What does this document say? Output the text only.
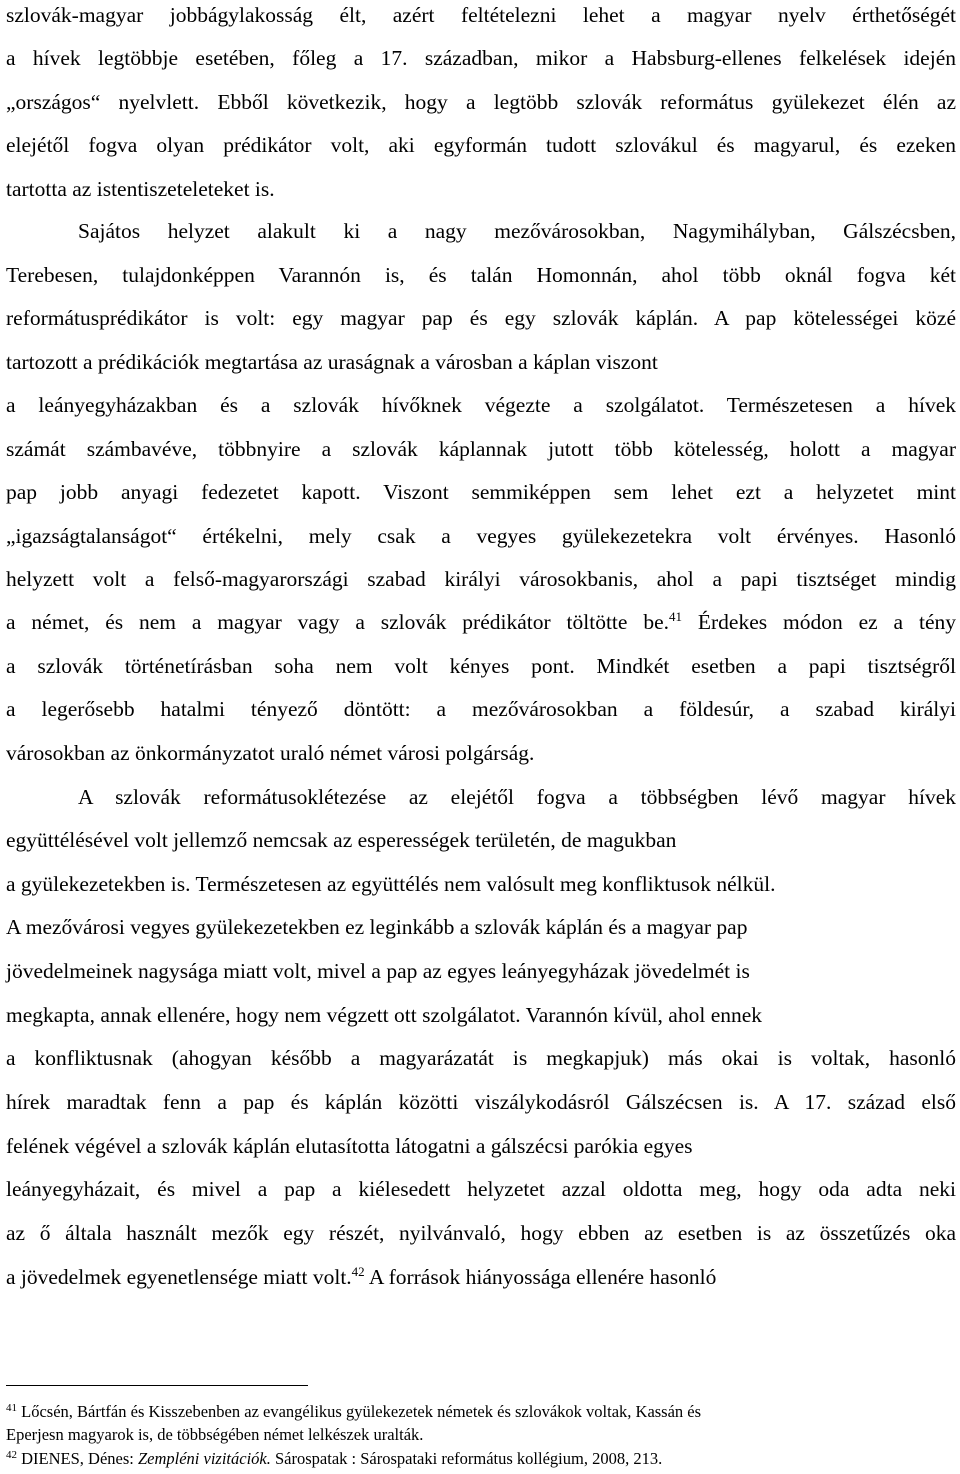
szlovák-magyar jobbágylakosság élt, azért feltételezni lehet a magyar nyelv érthetőségét
a hívek legtöbbje esetében, főleg a 17. században, mikor a Habsburg-ellenes felkelések idején
„országos“ nyelvlett. Ebből következik, hogy a legtöbb szlovák református gyülekezet élén az
elejétől fogva olyan prédikátor volt, aki egyformán tudott szlovákul és magyarul, és ezeken
tartotta az istentiszeteleteket is.
Sajátos helyzet alakult ki a nagy mezővárosokban, Nagymihályban, Gálszécsben,
Terebesen, tulajdonképpen Varannón is, és talán Homonnán, ahol több oknál fogva két
reformátusprédikátor is volt: egy magyar pap és egy szlovák káplán. A pap kötelességei közé
tartozott a prédikációk megtartása az uraságnak a városban a káplan viszont
a leányegyházakban és a szlovák hívőknek végezte a szolgálatot. Természetesen a hívek
számát számbavéve, többnyire a szlovák káplannak jutott több kötelesség, holott a magyar
pap jobb anyagi fedezetet kapott. Viszont semmiképpen sem lehet ezt a helyzetet mint
„igazságtalanságot“ értékelni, mely csak a vegyes gyülekezetekra volt érvényes. Hasonló
helyzett volt a felső-magyarországi szabad királyi városokbanis, ahol a papi tisztséget mindig
a német, és nem a magyar vagy a szlovák prédikátor töltötte be.$^{41}$ Érdekes módon ez a tény
a szlovák történetírásban soha nem volt kényes pont. Mindkét esetben a papi tisztségről
a legerősebb hatalmi tényező döntött: a mezővárosokban a földesúr, a szabad királyi
városokban az önkormányzatot uraló német városi polgárság.
A szlovák reformátusoklétezése az elejétől fogva a többségben lévő magyar hívek
együttélésével volt jellemző nemcsak az esperességek területén, de magukban
a gyülekezetekben is. Természetesen az együttélés nem valósult meg konfliktusok nélkül.
A mezővárosi vegyes gyülekezetekben ez leginkább a szlovák káplán és a magyar pap
jövedelmeinek nagysága miatt volt, mivel a pap az egyes leányegyházak jövedelmét is
megkapta, annak ellenére, hogy nem végzett ott szolgálatot. Varannón kívül, ahol ennek
a konfliktusnak (ahogyan később a magyarázatát is megkapjuk) más okai is voltak, hasonló
hírek maradtak fenn a pap és káplán közötti viszálykodásról Gálszécsen is. A 17. század első
felének végével a szlovák káplán elutasította látogatni a gálszécsi parókia egyes
leányegyházait, és mivel a pap a kiélesedett helyzetet azzal oldotta meg, hogy oda adta neki
az ő általa használt mezők egy részét, nyilvánvaló, hogy ebben az esetben is az összetűzés oka
a jövedelmek egyenetlensége miatt volt.$^{42}$ A források hiányossága ellenére hasonló
$^{41}$ Lőcsén, Bártfán és Kisszebenben az evangélikus gyülekezetek németek és szlovákok voltak, Kassán és
Eperjesn magyarok is, de többségében német lelkészek uralták.
$^{42}$ DIENES, Dénes: Zempléni vizitációk. Sárospatak : Sárospataki református kollégium, 2008, 213.
